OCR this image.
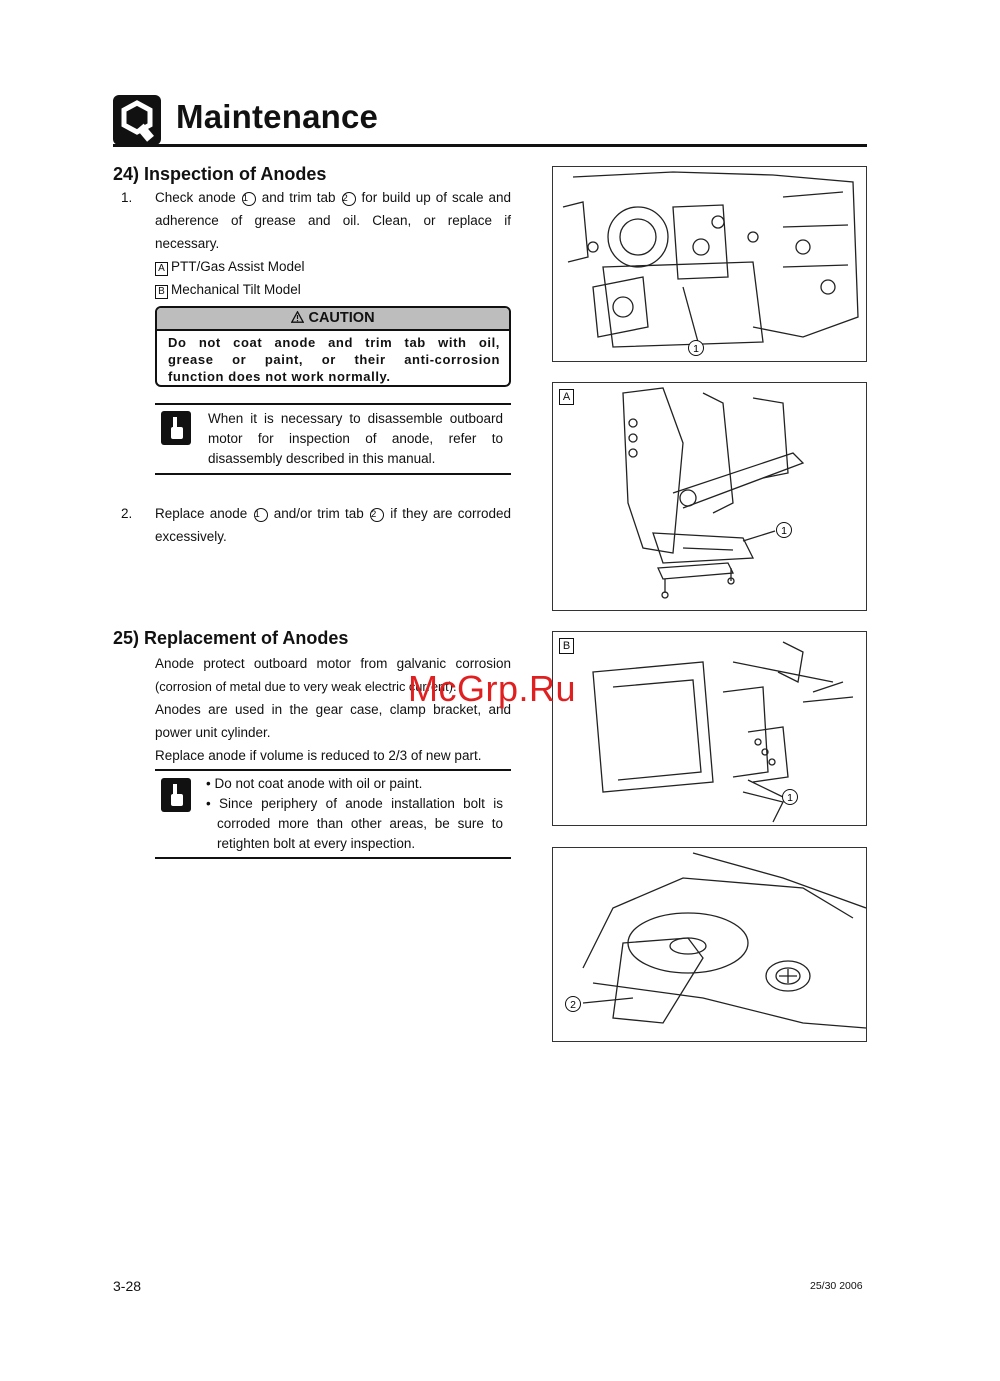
Maintenance
24) Inspection of Anodes
1. Check anode 1 and trim tab 2 for build up of scale and
adherence of grease and oil. Clean, or replace if necessary.
A PTT/Gas Assist Model
B Mechanical Tilt Model
CAUTION
Do not coat anode and trim tab with oil,
grease or paint, or their anti-corrosion
function does not work normally.
When it is necessary to disassemble outboard
motor for inspection of anode, refer to
disassembly described in this manual.
2. Replace anode 1 and/or trim tab 2 if they are corroded
excessively.
25) Replacement of Anodes
Anode protect outboard motor from galvanic corrosion
(corrosion of metal due to very weak electric current).
Anodes are used in the gear case, clamp bracket, and
power unit cylinder.
Replace anode if volume is reduced to 2/3 of new part.
• Do not coat anode with oil or paint.
• Since periphery of anode installation bolt is
corroded more than other areas, be sure to
retighten bolt at every inspection.
1
A
1
B
1
2
McGrp.Ru
3-28	25/30 2006
